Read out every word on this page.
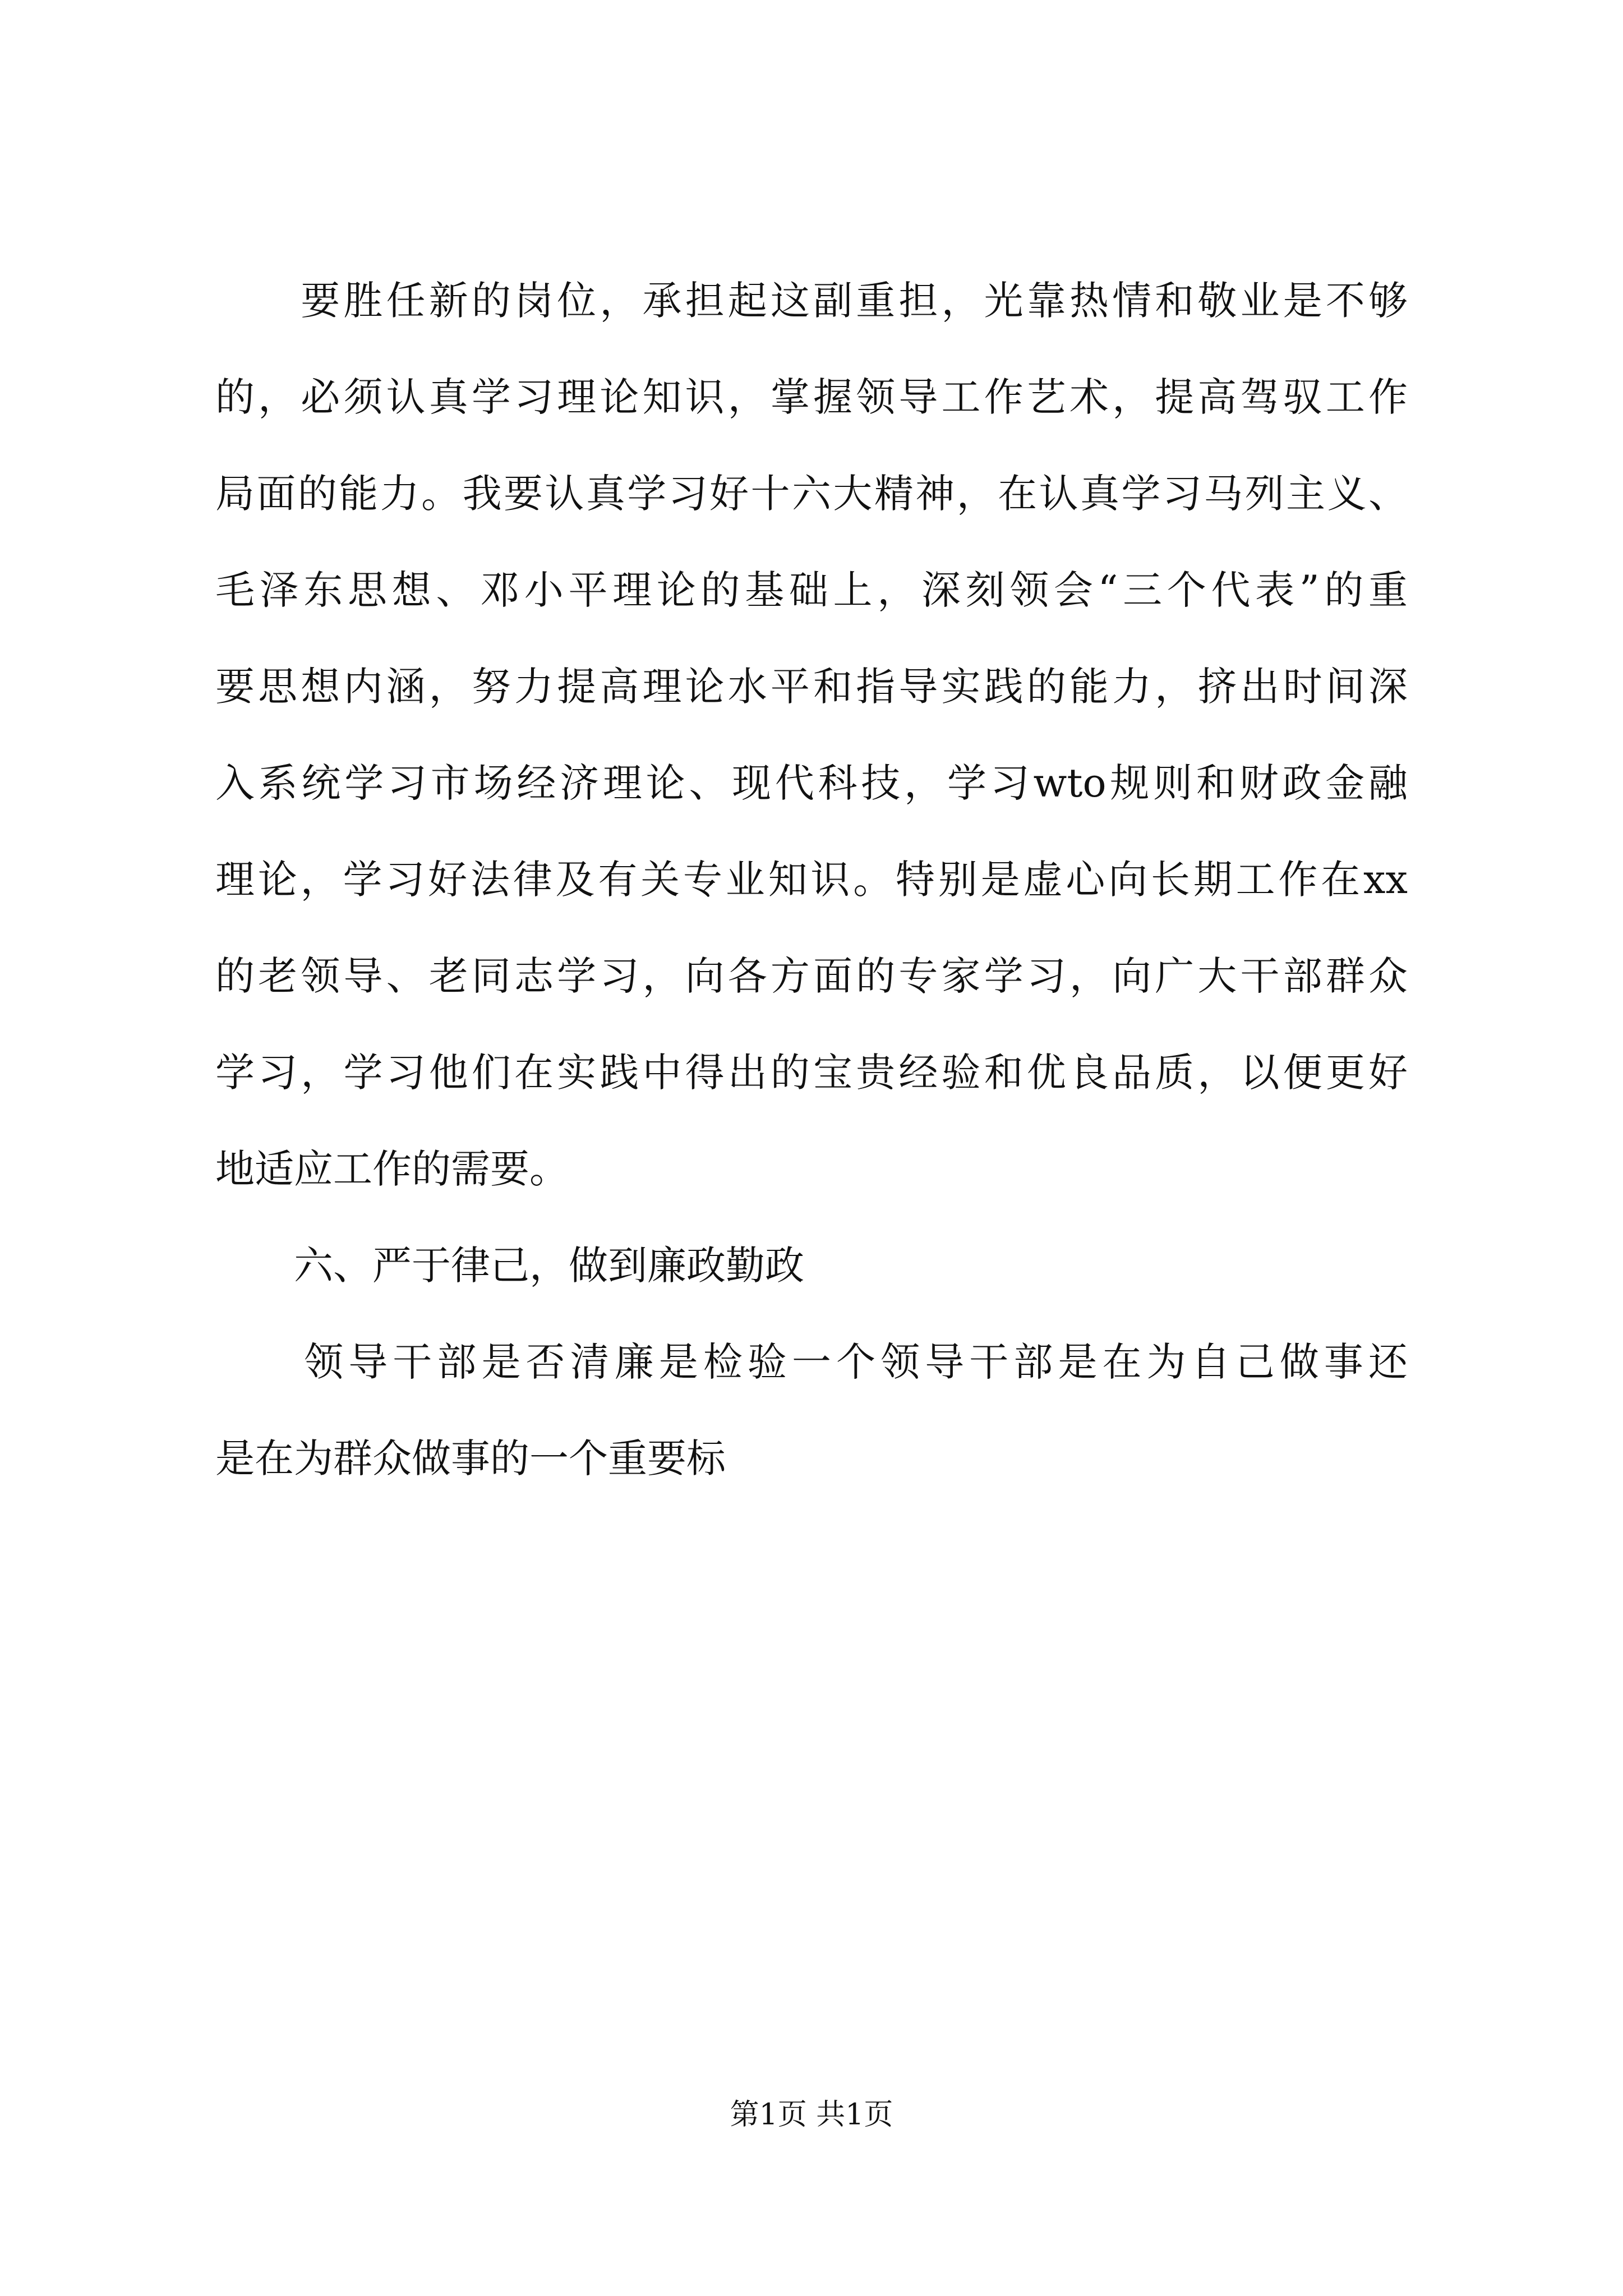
　　要胜任新的岗位，承担起这副重担，光靠热情和敬业是不够
的，必须认真学习理论知识，掌握领导工作艺术，提高驾驭工作
局面的能力。我要认真学习好十六大精神，在认真学习马列主义、
毛泽东思想、邓小平理论的基础上，深刻领会“三个代表”的重
要思想内涵，努力提高理论水平和指导实践的能力，挤出时间深
入系统学习市场经济理论、现代科技，学习wto规则和财政金融
理论，学习好法律及有关专业知识。特别是虚心向长期工作在xx
的老领导、老同志学习，向各方面的专家学习，向广大干部群众
学习，学习他们在实践中得出的宝贵经验和优良品质，以便更好
地适应工作的需要。
　　六、严于律己，做到廉政勤政
　　领导干部是否清廉是检验一个领导干部是在为自己做事还
是在为群众做事的一个重要标
第1页 共1页
